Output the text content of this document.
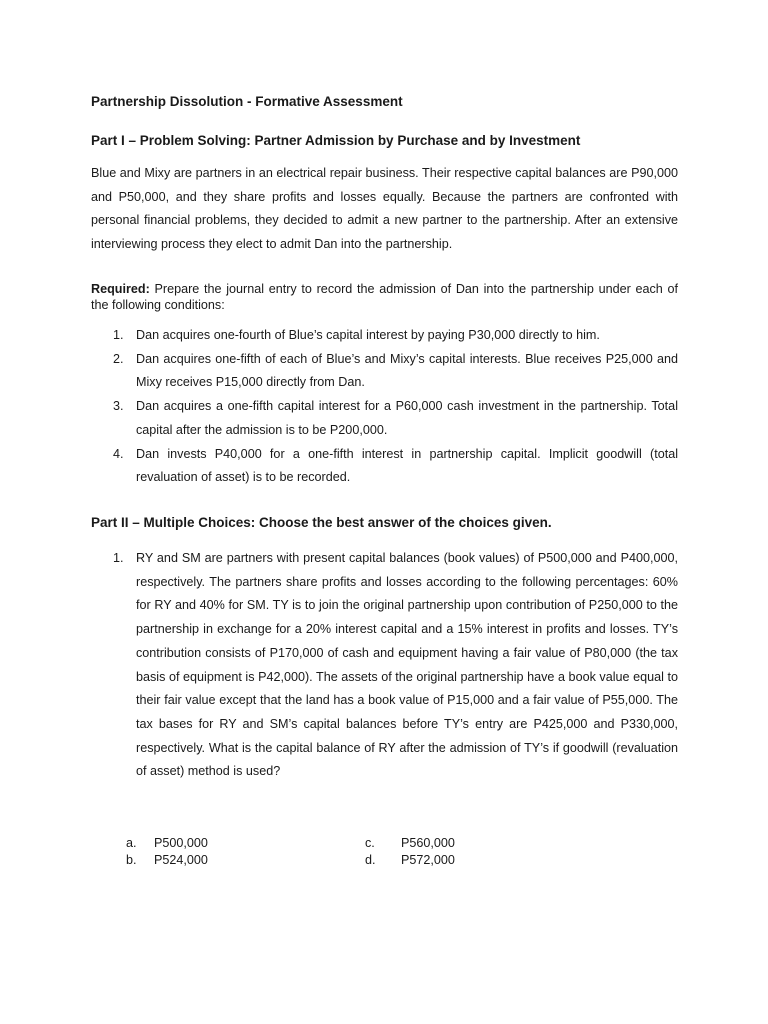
Partnership Dissolution - Formative Assessment
Part I – Problem Solving: Partner Admission by Purchase and by Investment
Blue and Mixy are partners in an electrical repair business. Their respective capital balances are P90,000 and P50,000, and they share profits and losses equally. Because the partners are confronted with personal financial problems, they decided to admit a new partner to the partnership. After an extensive interviewing process they elect to admit Dan into the partnership.
Required: Prepare the journal entry to record the admission of Dan into the partnership under each of the following conditions:
1. Dan acquires one-fourth of Blue’s capital interest by paying P30,000 directly to him.
2. Dan acquires one-fifth of each of Blue’s and Mixy’s capital interests. Blue receives P25,000 and Mixy receives P15,000 directly from Dan.
3. Dan acquires a one-fifth capital interest for a P60,000 cash investment in the partnership. Total capital after the admission is to be P200,000.
4. Dan invests P40,000 for a one-fifth interest in partnership capital. Implicit goodwill (total revaluation of asset) is to be recorded.
Part II – Multiple Choices: Choose the best answer of the choices given.
1. RY and SM are partners with present capital balances (book values) of P500,000 and P400,000, respectively. The partners share profits and losses according to the following percentages: 60% for RY and 40% for SM. TY is to join the original partnership upon contribution of P250,000 to the partnership in exchange for a 20% interest capital and a 15% interest in profits and losses. TY’s contribution consists of P170,000 of cash and equipment having a fair value of P80,000 (the tax basis of equipment is P42,000). The assets of the original partnership have a book value equal to their fair value except that the land has a book value of P15,000 and a fair value of P55,000. The tax bases for RY and SM’s capital balances before TY’s entry are P425,000 and P330,000, respectively. What is the capital balance of RY after the admission of TY’s if goodwill (revaluation of asset) method is used?
a. P500,000
b. P524,000
c. P560,000
d. P572,000
